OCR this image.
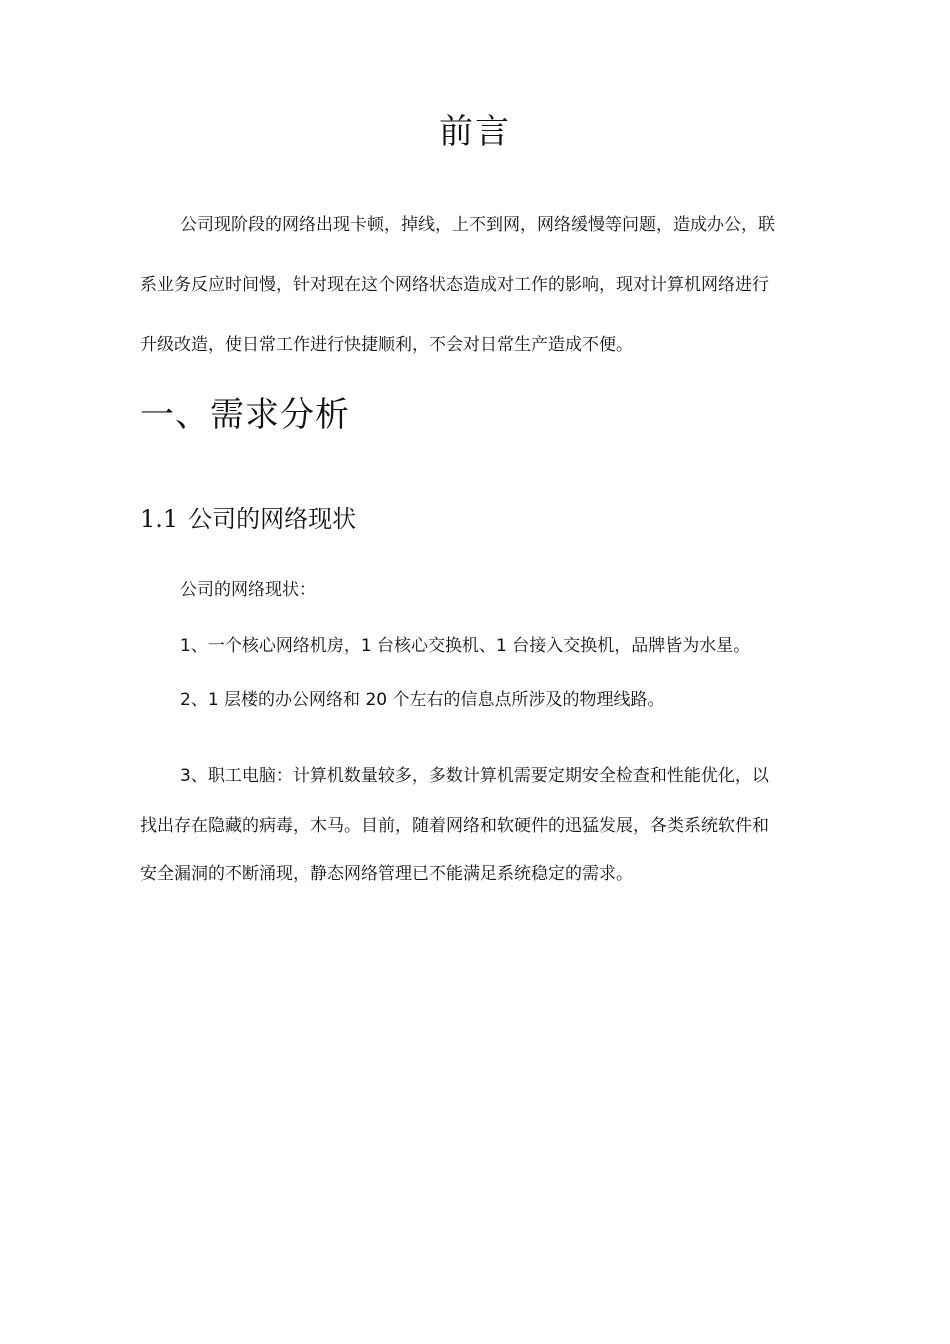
前言

公司现阶段的网络出现卡顿，掉线，上不到网，网络缓慢等问题，造成办公，联

系业务反应时间慢，针对现在这个网络状态造成对工作的影响，现对计算机网络进行

升级改造，使日常工作进行快捷顺利，不会对日常生产造成不便。

一、需求分析
1.1 公司的网络现状

公司的网络现状：

1、一个核心网络机房，1 台核心交换机、1 台接入交换机，品牌皆为水星。

2、1 层楼的办公网络和 20 个左右的信息点所涉及的物理线路。

3、职工电脑：计算机数量较多，多数计算机需要定期安全检查和性能优化，以

找出存在隐藏的病毒，木马。目前，随着网络和软硬件的迅猛发展，各类系统软件和

安全漏洞的不断涌现，静态网络管理已不能满足系统稳定的需求。
